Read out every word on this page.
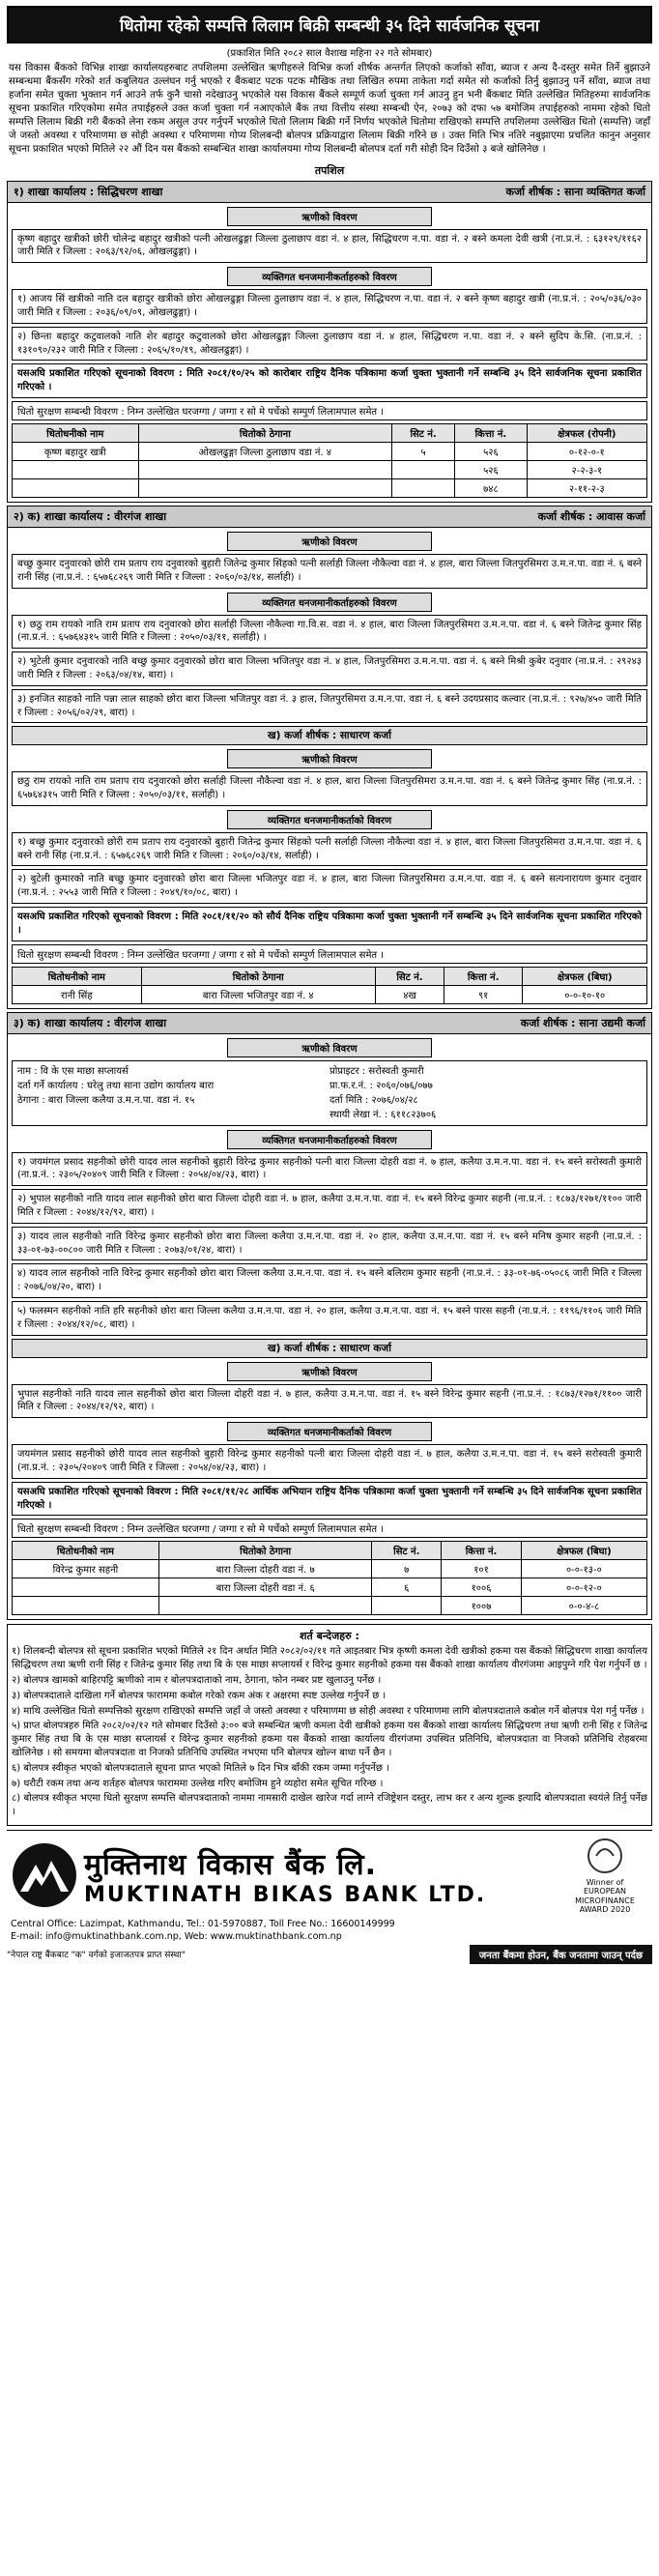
धितोमा रहेको सम्पत्ति लिलाम बिक्री सम्बन्धी ३५ दिने सार्वजनिक सूचना
(प्रकाशित मिति २०८२ साल वैशाख महिना २२ गते सोमबार)
यस विकास बैंकको विभिन्न शाखा कार्यालयहरुबाट तपशिलमा उल्लेखित ऋणीहरुले विभिन्न कर्जा शीर्षक अन्तर्गत लिएको कर्जाको साँवा, ब्याज र अन्य दै-दस्तुर समेत तिर्ने बुझाउने सम्बन्धमा बैंकसँग गरेको शर्त कबुलियत उल्लंघन गर्नु भएको र बैंकबाट पटक पटक मौखिक तथा लिखित रुपमा ताकेता गर्दा समेत सो कर्जाको तिर्नु बुझाउनु पर्ने साँवा, ब्याज तथा हर्जाना समेत चुक्ता भुक्तान गर्न आउने तर्फ कुनै चासो नदेखाउनु भएकोले यस विकास बैंकले सम्पूर्ण कर्जा चुक्ता गर्न आउनु हुन भनी बैंकबाट मिति उल्लेखित मितिहरुमा सार्वजनिक सूचना प्रकाशित गरिएकोमा समेत तपाईहरुले उक्त कर्जा चुक्ता गर्न नआएकोले बैंक तथा वित्तीय संस्था सम्बन्धी ऐन, २०७३ को दफा ५७ बमोजिम तपाईहरुको नाममा रहेको धितो सम्पत्ति लिलाम बिक्री गरी बैंकको लेना रकम असुल उपर गर्नुपर्ने भएकोले धितो लिलाम बिक्री गर्ने निर्णय भएकोले धितोमा राखिएको सम्पत्ति तपशिलमा उल्लेखित धितो (सम्पत्ति) जहाँ जे जस्तो अवस्था र परिमाणमा छ सोही अवस्था र परिमाणमा गोप्य शिलबन्दी बोलपत्र प्रक्रियाद्वारा लिलाम बिक्री गरिने छ । उक्त मिति भित्र नतिरे नबुझाएमा प्रचलित कानुन अनुसार सूचना प्रकाशित भएको मितिले २२ औं दिन यस बैंकको सम्बन्धित शाखा कार्यालयमा गोप्य शिलबन्दी बोलपत्र दर्ता गरी सोही दिन दिउँसो ३ बजे खोलिनेछ ।
तपशिल
१) शाखा कार्यालय : सिद्धिचरण शाखा	कर्जा शीर्षक : साना व्यक्तिगत कर्जा
ऋणीको विवरण
कृष्ण बहादुर खत्रीको छोरी चोलेन्द्र बहादुर खत्रीको पत्नी ओखलढुङ्गा जिल्ला ठुलाछाप वडा नं. ४ हाल, सिद्धिचरण न.पा. वडा नं. २ बस्ने कमला देवी खत्री (ना.प्र.नं. : ६३१२९/११६२ जारी मिति र जिल्ला : २०६३/९२/०६, ओखलढुङ्गा) ।
व्यक्तिगत धनजमानीकर्ताहरुको विवरण
१) आजय सिं खत्रीको नाति दल बहादुर खत्रीको छोरा ओखलढुङ्गा जिल्ला ठुलाछाप वडा नं. ४ हाल, सिद्धिचरण न.पा. वडा नं. २ बस्ने कृष्ण बहादुर खत्री (ना.प्र.नं. : २०५/०३६/०३० जारी मिति र जिल्ला : २०३६/०९/०९, ओखलढुङ्गा) ।
२) छिन्ता बहादुर कटुवालको नाति शेर बहादुर कटुवालको छोरा ओखलढुङ्गा जिल्ला ठुलाछाप वडा नं. ४ हाल, सिद्धिचरण न.पा. वडा नं. २ बस्ने सुदिप के.सि. (ना.प्र.नं. : १३१०९०/२३२ जारी मिति र जिल्ला : २०६५/१०/१९, ओखलढुङ्गा) ।
यसअघि प्रकाशित गरिएको सूचनाको विवरण : मिति २०८१/१०/२५ को कारोबार राष्ट्रिय दैनिक पत्रिकामा कर्जा चुक्ता भुक्तानी गर्ने सम्बन्धि ३५ दिने सार्वजनिक सूचना प्रकाशित गरिएको ।
धितो सुरक्षण सम्बन्धी विवरण : निम्न उल्लेखित घरजग्गा / जग्गा र सो मे पर्चेको सम्पुर्ण लिलामपाल समेत ।
धितोधनीको नाम	धितोको ठेगाना	सिट नं.	कित्ता नं.	क्षेत्रफल (रोपनी)
कृष्ण बहादुर खत्री	ओखलढुङ्गा जिल्ला ठुलाछाप वडा नं. ४	५	५२६	०-१२-०-१
			५२६	२-२-३-१
			७४८	२-११-२-३
२) क) शाखा कार्यालय : वीरगंज शाखा	कर्जा शीर्षक : आवास कर्जा
ऋणीको विवरण
बच्छु कुमार दनुवारको छोरी राम प्रताप राय दनुवारको बुहारी जितेन्द्र कुमार सिंहको पत्नी सर्लाही जिल्ला नौकैल्वा वडा नं. ४ हाल, बारा जिल्ला जितपुरसिमरा उ.म.न.पा. वडा नं. ६ बस्ने रानी सिंह (ना.प्र.नं. : ६५७६८२६९ जारी मिति र जिल्ला : २०६०/०३/१४, सर्लाही) ।
व्यक्तिगत धनजमानीकर्ताहरुको विवरण
१) छठु राम रायको नाति राम प्रताप राय दनुवारको छोरा सर्लाही जिल्ला नौकैल्वा गा.वि.स. वडा नं. ४ हाल, बारा जिल्ला जितपुरसिमरा उ.म.न.पा. वडा नं. ६ बस्ने जितेन्द्र कुमार सिंह (ना.प्र.नं. : ६५७६४३१५ जारी मिति र जिल्ला : २०५०/०३/११, सर्लाही) ।
२) भुटेली कुमार दनुवारको नाति बच्छु कुमार दनुवारको छोरा बारा जिल्ला भजितपुर वडा नं. ४ हाल, जितपुरसिमरा उ.म.न.पा. वडा नं. ६ बस्ने मिश्री कुबेर दनुवार (ना.प्र.नं. : २९२४३ जारी मिति र जिल्ला : २०६३/०४/१४, बारा) ।
३) इनजित साहको नाति पन्ना लाल साहको छोरा बारा जिल्ला भजितपुर वडा नं. ३ हाल, जितपुरसिमरा उ.म.न.पा. वडा नं. ६ बस्ने उदयप्रसाद कल्वार (ना.प्र.नं. : ९२७/४५० जारी मिति र जिल्ला : २०५६/०२/२९, बारा) ।
ख) कर्जा शीर्षक : साधारण कर्जा
ऋणीको विवरण
छठु राम रायको नाति राम प्रताप राय दनुवारको छोरा सर्लाही जिल्ला नौकैल्वा वडा नं. ४ हाल, बारा जिल्ला जितपुरसिमरा उ.म.न.पा. वडा नं. ६ बस्ने जितेन्द्र कुमार सिंह (ना.प्र.नं. : ६५७६४३१५ जारी मिति र जिल्ला : २०५०/०३/११, सर्लाही) ।
व्यक्तिगत धनजमानीकर्ताको विवरण
१) बच्छु कुमार दनुवारको छोरी राम प्रताप राय दनुवारको बुहारी जितेन्द्र कुमार सिंहको पत्नी सर्लाही जिल्ला नौकैल्वा वडा नं. ४ हाल, बारा जिल्ला जितपुरसिमरा उ.म.न.पा. वडा नं. ६ बस्ने रानी सिंह (ना.प्र.नं. : ६५७६८२६९ जारी मिति र जिल्ला : २०६०/०३/१४, सर्लाही) ।
२) बुटेली कुमारको नाति बच्छु कुमार दनुवारको छोरा बारा जिल्ला भजितपुर वडा नं. ४ हाल, बारा जिल्ला जितपुरसिमरा उ.म.न.पा. वडा नं. ६ बस्ने सत्यनारायण कुमार दनुवार (ना.प्र.नं. : २५५३ जारी मिति र जिल्ला : २०४९/१०/०८, बारा) ।
यसअघि प्रकाशित गरिएको सूचनाको विवरण : मिति २०८१/११/२० को सौर्य दैनिक राष्ट्रिय पत्रिकामा कर्जा चुक्ता भुक्तानी गर्ने सम्बन्धि ३५ दिने सार्वजनिक सूचना प्रकाशित गरिएको ।
धितो सुरक्षण सम्बन्धी विवरण : निम्न उल्लेखित घरजग्गा / जग्गा र सो मे पर्चेको सम्पुर्ण लिलामपाल समेत ।
धितोधनीको नाम	धितोको ठेगाना	सिट नं.	कित्ता नं.	क्षेत्रफल (बिघा)
रानी सिंह	बारा जिल्ला भजितपुर वडा नं. ४	४ख	९१	०-०-१०-१०
३) क) शाखा कार्यालय : वीरगंज शाखा	कर्जा शीर्षक : साना उद्यमी कर्जा
ऋणीको विवरण
नाम : वि के एस माछा सप्लायर्स	प्रोप्राइटर : सरोस्वती कुमारी
दर्ता गर्ने कार्यालय : घरेलु तथा साना उद्योग कार्यालय बारा	प्रा.फ.र.नं. : २०६०/०७६/०७७
ठेगाना : बारा जिल्ला कलैया उ.म.न.पा. वडा नं. १५	दर्ता मिति : २०७६/०४/२८
स्थायी लेखा नं. : ६११८२३७०६
व्यक्तिगत धनजमानीकर्ताहरुको विवरण
१) जयमंगल प्रसाद सहनीको छोरी यादव लाल सहनीको बुहारी विरेन्द्र कुमार सहनीको पत्नी बारा जिल्ला दोहरी वडा नं. ७ हाल, कलैया उ.म.न.पा. वडा नं. १५ बस्ने सरोस्वती कुमारी (ना.प्र.नं. : २३०५/२०४०९ जारी मिति र जिल्ला : २०५४/०४/२३, बारा) ।
२) भुपाल सहनीको नाति यादव लाल सहनीको छोरा बारा जिल्ला दोहरी वडा नं. ७ हाल, कलैया उ.म.न.पा. वडा नं. १५ बस्ने विरेन्द्र कुमार सहनी (ना.प्र.नं. : १८७३/१२७१/११०० जारी मिति र जिल्ला : २०४४/१२/९२, बारा) ।
३) यादव लाल सहनीको नाति विरेन्द्र कुमार सहनीको छोरा बारा जिल्ला कलैया उ.म.न.पा. वडा नं. २० हाल, कलैया उ.म.न.पा. वडा नं. १५ बस्ने मनिष कुमार सहनी (ना.प्र.नं. : ३३-०१-७३-००८०० जारी मिति र जिल्ला : २०७३/०१/२४, बारा) ।
४) यादव लाल सहनीको नाति विरेन्द्र कुमार सहनीको छोरा बारा जिल्ला कलैया उ.म.न.पा. वडा नं. १५ बस्ने बलिराम कुमार सहनी (ना.प्र.नं. : ३३-०१-७६-०५०८६ जारी मिति र जिल्ला : २०७६/०४/२०, बारा) ।
५) फलस्मन सहनीको नाति हरि सहनीको छोरा बारा जिल्ला कलैया उ.म.न.पा. वडा नं. २० हाल, कलैया उ.म.न.पा. वडा नं. १५ बस्ने पारस सहनी (ना.प्र.नं. : ११९६/११०६ जारी मिति र जिल्ला : २०४४/१२/०८, बारा) ।
ख) कर्जा शीर्षक : साधारण कर्जा
ऋणीको विवरण
भुपाल सहनीको नाति यादव लाल सहनीको छोरा बारा जिल्ला दोहरी वडा नं. ७ हाल, कलैया उ.म.न.पा. वडा नं. १५ बस्ने विरेन्द्र कुमार सहनी (ना.प्र.नं. : १८७३/१२७१/११०० जारी मिति र जिल्ला : २०४४/१२/९२, बारा) ।
व्यक्तिगत धनजमानीकर्ताको विवरण
जयमंगल प्रसाद सहनीको छोरी यादव लाल सहनीको बुहारी विरेन्द्र कुमार सहनीको पत्नी बारा जिल्ला दोहरी वडा नं. ७ हाल, कलैया उ.म.न.पा. वडा नं. १५ बस्ने सरोस्वती कुमारी (ना.प्र.नं. : २३०५/२०४०९ जारी मिति र जिल्ला : २०५४/०४/२३, बारा) ।
यसअघि प्रकाशित गरिएको सूचनाको विवरण : मिति २०८१/११/२८ आर्थिक अभियान राष्ट्रिय दैनिक पत्रिकामा कर्जा चुक्ता भुक्तानी गर्ने सम्बन्धि ३५ दिने सार्वजनिक सूचना प्रकाशित गरिएको ।
धितो सुरक्षण सम्बन्धी विवरण : निम्न उल्लेखित घरजग्गा / जग्गा र सो मे पर्चेको सम्पुर्ण लिलामपाल समेत ।
धितोधनीको नाम	धितोको ठेगाना	सिट नं.	कित्ता नं.	क्षेत्रफल (बिघा)
विरेन्द्र कुमार सहनी	बारा जिल्ला दोहरी वडा नं. ७	७	१०१	०-०-१३-०
	बारा जिल्ला दोहरी वडा नं. ६	६	१००६	०-०-१२-०
			१००७	०-०-४-८
शर्त बन्देजहरु :
१) शिलबन्दी बोलपत्र सो सूचना प्रकाशित भएको मितिले २१ दिन अर्थात मिति २०८२/०२/११ गते आइतबार भित्र कृष्णी कमला देवी खत्रीको हकमा यस बैंकको सिद्धिचरण शाखा कार्यालय सिद्धिचरण तथा ऋणी रानी सिंह र जितेन्द्र कुमार सिंह तथा बि के एस माछा सप्लायर्स र विरेन्द्र कुमार सहनीको हकमा यस बैंकको शाखा कार्यालय वीरगंजमा आइपुग्ने गरि पेश गर्नुपर्ने छ ।
२) बोलपत्र खामको बाहिरपट्टि ऋणीको नाम र बोलपत्रदाताको नाम, ठेगाना, फोन नम्बर प्रष्ट खुलाउनु पर्नेछ ।
३) बोलपत्रदाताले दाखिला गर्ने बोलपत्र फाराममा कबोल गरेको रकम अंक र अक्षरमा स्पष्ट उल्लेख गर्नुपर्ने छ ।
४) माथि उल्लेखित धितो सम्पत्तिको सुरक्षण राखिएको सम्पत्ति जहाँ जे जस्तो अवस्था र परिमाणमा छ सोही अवस्था र परिमाणमा लागि बोलपत्रदाताले कबोल गर्ने बोलपत्र पेश गर्नु पर्नेछ ।
५) प्राप्त बोलपत्रहरु मिति २०८२/०२/१२ गते सोमबार दिउँसो ३:०० बजे सम्बन्धित ऋणी कमला देवी खत्रीको हकमा यस बैंकको शाखा कार्यालय सिद्धिचरण तथा ऋणी रानी सिंह र जितेन्द्र कुमार सिंह तथा बि के एस माछा सप्लायर्स र विरेन्द्र कुमार सहनीको हकमा यस बैंकको शाखा कार्यालय वीरगंजमा उपस्थित प्रतिनिधि, बोलपत्रदाता वा निजको प्रतिनिधि रोहबरमा खोलिनेछ । सो समयमा बोलपत्रदाता वा निजको प्रतिनिधि उपस्थित नभएमा पनि बोलपत्र खोल्न बाधा पर्ने छैन ।
६) बोलपत्र स्वीकृत भएको बोलपत्रदाताले सूचना प्राप्त भएको मितिले ७ दिन भित्र बाँकी रकम जम्मा गर्नुपर्नेछ ।
७) धरौटी रकम तथा अन्य शर्तहरु बोलपत्र फाराममा उल्लेख गरिए बमोजिम हुने व्यहोरा समेत सूचित गरिन्छ ।
८) बोलपत्र स्वीकृत भएमा धितो सुरक्षण सम्पत्ति बोलपत्रदाताको नाममा नामसारी दाखेल खारेज गर्दा लाग्ने रजिष्ट्रेशन दस्तुर, लाभ कर र अन्य शुल्क इत्यादि बोलपत्रदाता स्वयंले तिर्नु पर्नेछ ।
मुक्तिनाथ विकास बैंक लि.
MUKTINATH BIKAS BANK LTD.
Winner of
EUROPEAN
MICROFINANCE
AWARD 2020
Central Office: Lazimpat, Kathmandu, Tel.: 01-5970887, Toll Free No.: 16600149999
E-mail: info@muktinathbank.com.np, Web: www.muktinathbank.com.np
"नेपाल राष्ट्र बैंकबाट "क" वर्गको इजाजतपत्र प्राप्त संस्था"	जनता बैंकमा होउन, बैंक जनतामा जाउन् पर्दछ
